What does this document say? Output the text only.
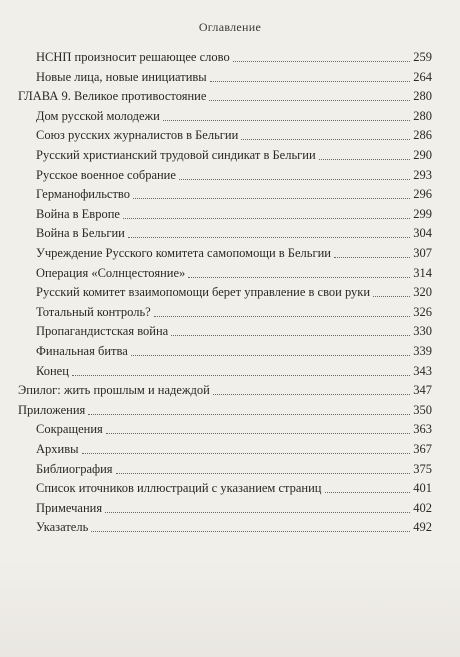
Оглавление
НСНП произносит решающее слово	259
Новые лица, новые инициативы	264
ГЛАВА 9. Великое противостояние	280
Дом русской молодежи	280
Союз русских журналистов в Бельгии	286
Русский христианский трудовой синдикат в Бельгии	290
Русское военное собрание	293
Германофильство	296
Война в Европе	299
Война в Бельгии	304
Учреждение Русского комитета самопомощи в Бельгии	307
Операция «Солнцестояние»	314
Русский комитет взаимопомощи берет управление в свои руки	320
Тотальный контроль?	326
Пропагандистская война	330
Финальная битва	339
Конец	343
Эпилог: жить прошлым и надеждой	347
Приложения	350
Сокращения	363
Архивы	367
Библиография	375
Список иточников иллюстраций с указанием страниц	401
Примечания	402
Указатель	492
